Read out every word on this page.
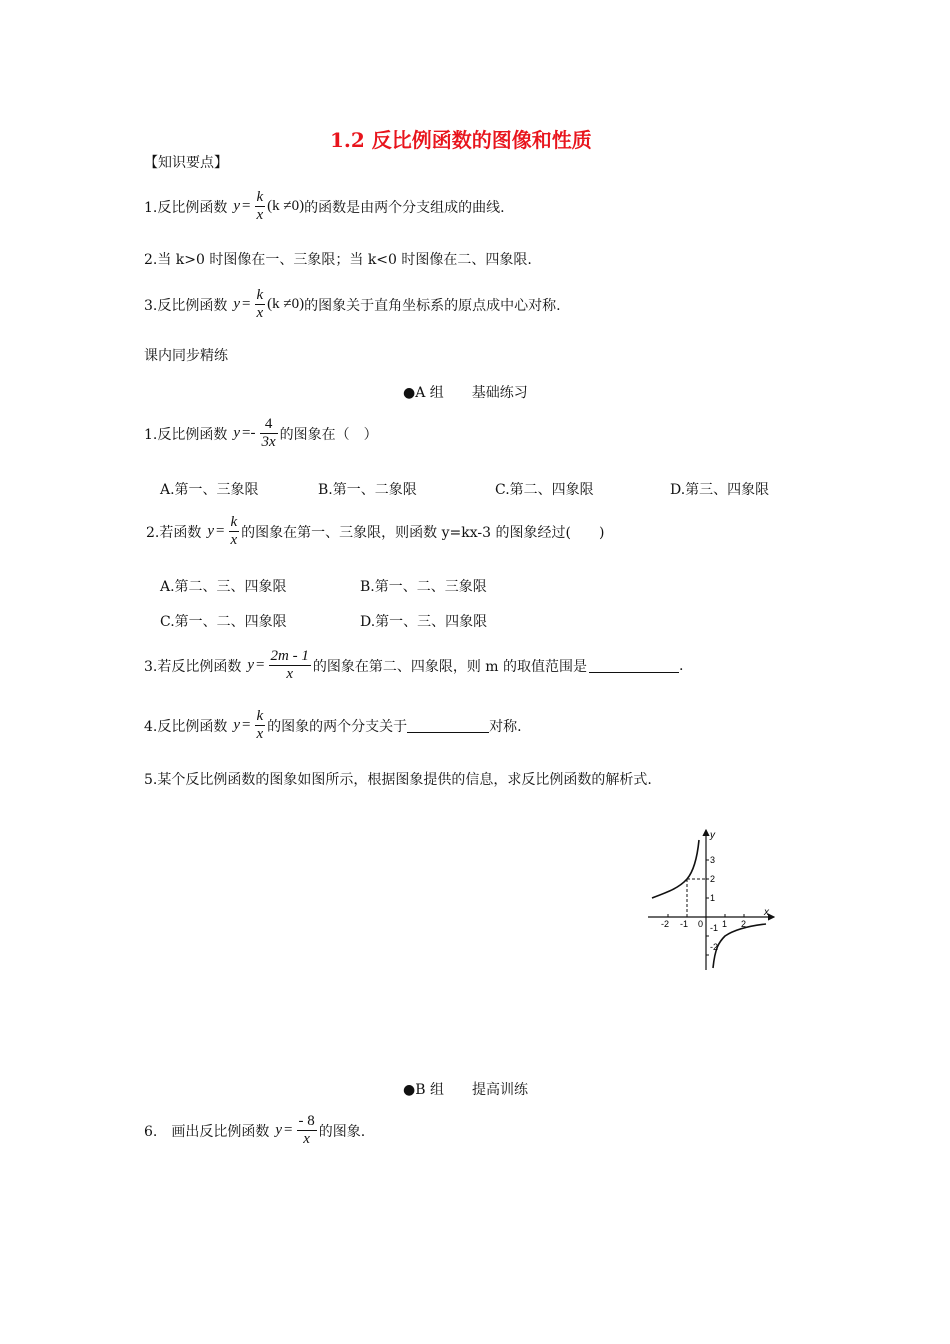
1.2 反比例函数的图像和性质
【知识要点】
1.反比例函数 $y = \frac{k}{x} (k \ne 0)$ 的函数是由两个分支组成的曲线.
2.当 k>0 时图像在一、三象限；当 k<0 时图像在二、四象限.
3.反比例函数 $y = \frac{k}{x} (k \ne 0)$ 的图象关于直角坐标系的原点成中心对称.
课内同步精练
●A 组　　基础练习
1.反比例函数 $y =- \frac{4}{3x}$ 的图象在（　）
A.第一、三象限	B.第一、二象限	C.第二、四象限	D.第三、四象限
2.若函数 $y = \frac{k}{x}$ 的图象在第一、三象限，则函数 y=kx-3 的图象经过(　　)
A.第二、三、四象限	B.第一、二、三象限
C.第一、二、四象限	D.第一、三、四象限
3.若反比例函数 $y = \frac{2m - 1}{x}$ 的图象在第二、四象限，则 m 的取值范围是	.
4.反比例函数 $y = \frac{k}{x}$ 的图象的两个分支关于	对称.
5.某个反比例函数的图象如图所示，根据图象提供的信息，求反比例函数的解析式.
y
x
0
-2 -1	1 2
3
2
1
-1
-2
●B 组　　提高训练
6.　画出反比例函数 $y = \frac{- 8}{x}$ 的图象.
